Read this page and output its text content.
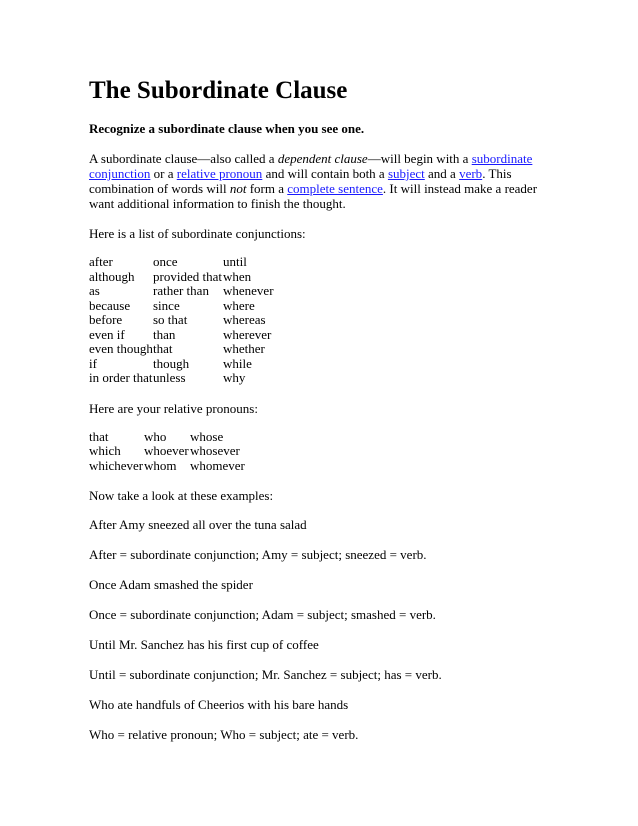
The Subordinate Clause
Recognize a subordinate clause when you see one.

A subordinate clause—also called a dependent clause—will begin with a subordinate conjunction or a relative pronoun and will contain both a subject and a verb. This combination of words will not form a complete sentence. It will instead make a reader want additional information to finish the thought.

Here is a list of subordinate conjunctions:

after	once	until
although	provided that	when
as	rather than	whenever
because	since	where
before	so that	whereas
even if	than	wherever
even though	that	whether
if	though	while
in order that	unless	why

Here are your relative pronouns:

that	who	whose
which	whoever	whosever
whichever	whom	whomever

Now take a look at these examples:

After Amy sneezed all over the tuna salad

After = subordinate conjunction; Amy = subject; sneezed = verb.

Once Adam smashed the spider

Once = subordinate conjunction; Adam = subject; smashed = verb.

Until Mr. Sanchez has his first cup of coffee

Until = subordinate conjunction; Mr. Sanchez = subject; has = verb.

Who ate handfuls of Cheerios with his bare hands

Who = relative pronoun; Who = subject; ate = verb.
